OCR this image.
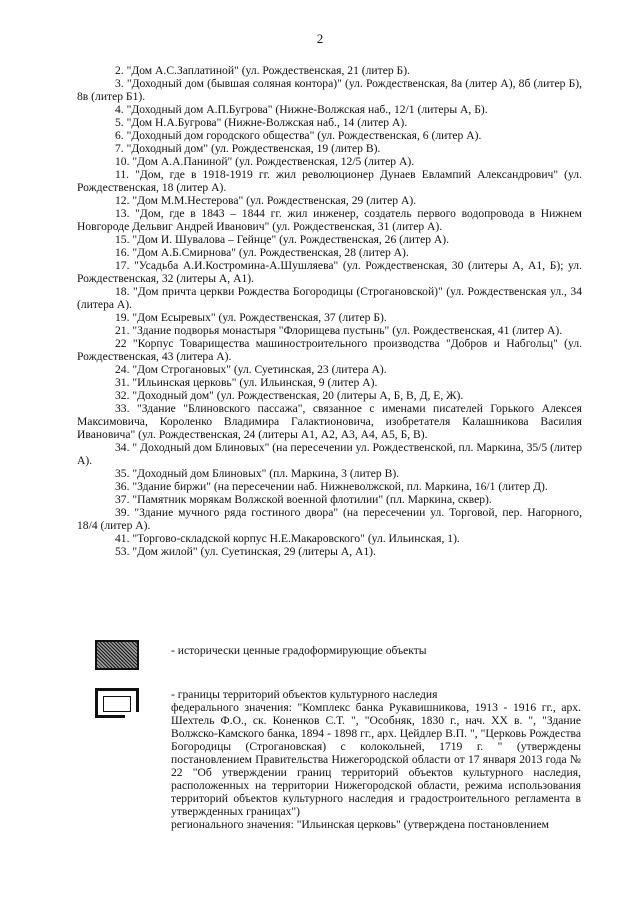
2

2. "Дом А.С.Заплатиной" (ул. Рождественская, 21 (литер Б).

3. "Доходный дом (бывшая соляная контора)" (ул. Рождественская, 8а (литер А), 8б (литер Б), 8в (литер Б1).

4. "Доходный дом А.П.Бугрова" (Нижне-Волжская наб., 12/1 (литеры А, Б).

5. "Дом Н.А.Бугрова" (Нижне-Волжская наб., 14 (литер А).

6. "Доходный дом городского общества" (ул. Рождественская, 6 (литер А).

7. "Доходный дом" (ул. Рождественская, 19 (литер В).

10. "Дом А.А.Паниной" (ул. Рождественская, 12/5 (литер А).

11. "Дом, где в 1918-1919 гг. жил революционер Дунаев Евлампий Александрович" (ул. Рождественская, 18 (литер А).

12. "Дом М.М.Нестерова" (ул. Рождественская, 29 (литер А).

13. "Дом, где в 1843 – 1844 гг. жил инженер, создатель первого водопровода в Нижнем Новгороде Дельвиг Андрей Иванович" (ул. Рождественская, 31 (литер А).

15. "Дом И. Шувалова – Гейнце" (ул. Рождественская, 26 (литер А).

16. "Дом А.Б.Смирнова" (ул. Рождественская, 28 (литер А).

17. "Усадьба А.И.Костромина-А.Шушляева" (ул. Рождественская, 30 (литеры А, А1, Б); ул. Рождественская, 32 (литеры А, А1).

18. "Дом причта церкви Рождества Богородицы (Строгановской)" (ул. Рождественская ул., 34 (литера А).

19. "Дом Есыревых" (ул. Рождественская, 37 (литер Б).

21. "Здание подворья монастыря "Флорищева пустынь" (ул. Рождественская, 41 (литер А).

22 "Корпус Товарищества машиностроительного производства "Добров и Набгольц" (ул. Рождественская, 43 (литера А).

24. "Дом Строгановых" (ул. Суетинская, 23 (литера А).

31. "Ильинская церковь" (ул. Ильинская, 9 (литер А).

32. "Доходный дом" (ул. Рождественская, 20 (литеры А, Б, В, Д, Е, Ж).

33. "Здание "Блиновского пассажа", связанное с именами писателей Горького Алексея Максимовича, Короленко Владимира Галактионовича, изобретателя Калашникова Василия Ивановича" (ул. Рождественская, 24 (литеры А1, А2, А3, А4, А5, Б, В).

34. " Доходный дом Блиновых" (на пересечении ул. Рождественской, пл. Маркина, 35/5 (литер А).

35. "Доходный дом Блиновых" (пл. Маркина, 3 (литер В).

36. "Здание биржи" (на пересечении наб. Нижневолжской, пл. Маркина, 16/1 (литер Д).

37. "Памятник морякам Волжской военной флотилии" (пл. Маркина, сквер).

39. "Здание мучного ряда гостиного двора" (на пересечении ул. Торговой, пер. Нагорного, 18/4 (литер А).

41. "Торгово-складской корпус Н.Е.Макаровского" (ул. Ильинская, 1).

53. "Дом жилой" (ул. Суетинская, 29 (литеры А, А1).

- исторически ценные градоформирующие объекты

- границы территорий объектов культурного наследия

федерального значения: "Комплекс банка Рукавишникова, 1913 - 1916 гг., арх. Шехтель Ф.О., ск. Коненков С.Т. ", "Особняк, 1830 г., нач. XX в. ", "Здание Волжско-Камского банка, 1894 - 1898 гг., арх. Цейдлер В.П. ", "Церковь Рождества Богородицы (Строгановская) с колокольней, 1719 г. " (утверждены постановлением Правительства Нижегородской области от 17 января 2013 года № 22 "Об утверждении границ территорий объектов культурного наследия, расположенных на территории Нижегородской области, режима использования территорий объектов культурного наследия и градостроительного регламента в утвержденных границах")

регионального значения: "Ильинская церковь" (утверждена постановлением
